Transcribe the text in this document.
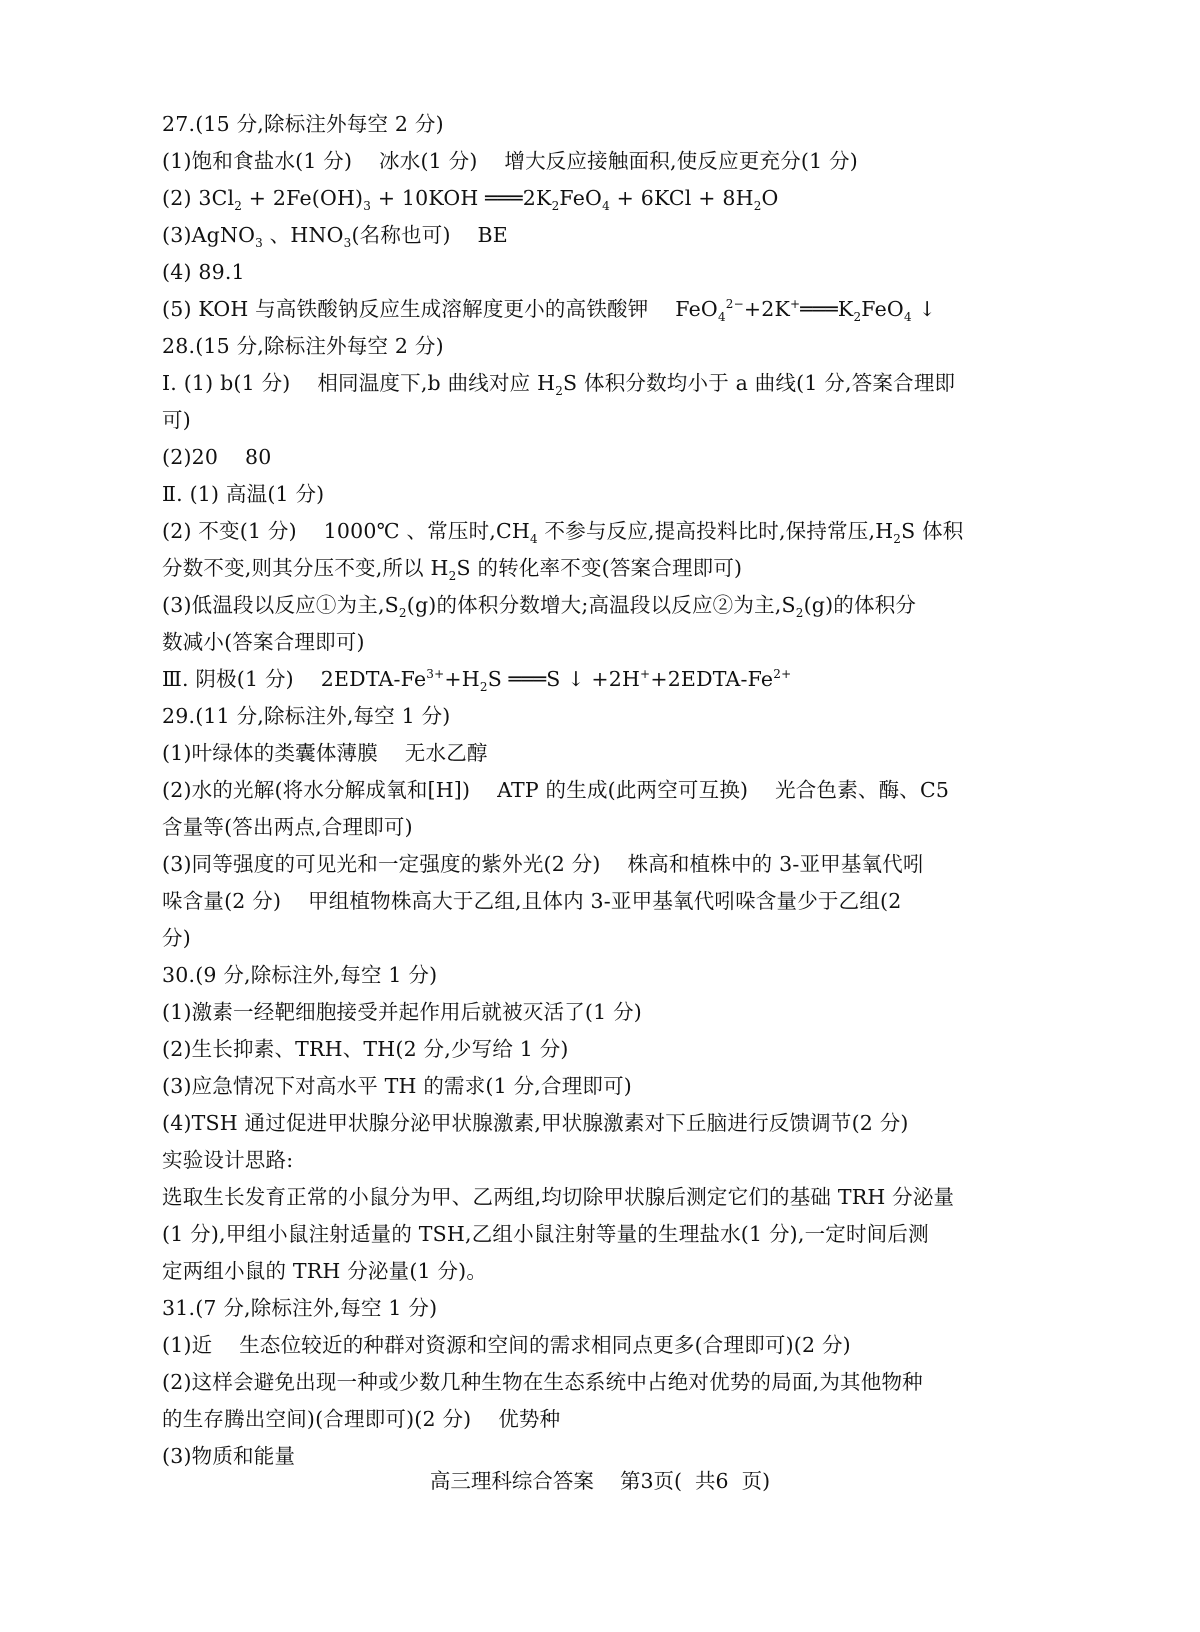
27.(15 分,除标注外每空 2 分)
(1)饱和食盐水(1 分)    冰水(1 分)    增大反应接触面积,使反应更充分(1 分)
(2) $3Cl_2 + 2Fe(OH)_3 + 10KOH$ $═══2K_2FeO_4 + 6KCl + 8H_2O$
(3)AgNO$_3$ 、$HNO_3$(名称也可)    BE
(4) 89.1
(5) KOH 与高铁酸钠反应生成溶解度更小的高铁酸钾    $FeO_4^{2-}+2K^+═══K_2FeO_4$ ↓
28.(15 分,除标注外每空 2 分)
I. (1) b(1 分)    相同温度下,b 曲线对应 $H_2S$ 体积分数均小于 a 曲线(1 分,答案合理即
可)
(2)20    80
Ⅱ. (1) 高温(1 分)
(2) 不变(1 分)    1000℃ 、常压时$,CH_4$ 不参与反应,提高投料比时,保持常压$,H_2S$ 体积
分数不变,则其分压不变,所以 $H_2S$ 的转化率不变(答案合理即可)
(3)低温段以反应①为主$,S_2(g)$的体积分数增大;高温段以反应②为主$,S_2(g)$的体积分
数减小(答案合理即可)
Ⅲ. 阴极(1 分)    $2EDTA-Fe^{3+}+H_2S$ ═══S ↓ $+2H^++2EDTA-Fe^{2+}$
29.(11 分,除标注外,每空 1 分)
(1)叶绿体的类囊体薄膜    无水乙醇
(2)水的光解(将水分解成氧和[H])    ATP 的生成(此两空可互换)    光合色素、酶、C5
含量等(答出两点,合理即可)
(3)同等强度的可见光和一定强度的紫外光(2 分)    株高和植株中的 3-亚甲基氧代吲
哚含量(2 分)    甲组植物株高大于乙组,且体内 3-亚甲基氧代吲哚含量少于乙组(2
分)
30.(9 分,除标注外,每空 1 分)
(1)激素一经靶细胞接受并起作用后就被灭活了(1 分)
(2)生长抑素、TRH、TH(2 分,少写给 1 分)
(3)应急情况下对高水平 TH 的需求(1 分,合理即可)
(4)TSH 通过促进甲状腺分泌甲状腺激素,甲状腺激素对下丘脑进行反馈调节(2 分)
实验设计思路:
选取生长发育正常的小鼠分为甲、乙两组,均切除甲状腺后测定它们的基础 TRH 分泌量
(1 分),甲组小鼠注射适量的 TSH,乙组小鼠注射等量的生理盐水(1 分),一定时间后测
定两组小鼠的 TRH 分泌量(1 分)。
31.(7 分,除标注外,每空 1 分)
(1)近    生态位较近的种群对资源和空间的需求相同点更多(合理即可)(2 分)
(2)这样会避免出现一种或少数几种生物在生态系统中占绝对优势的局面,为其他物种
的生存腾出空间)(合理即可)(2 分)    优势种
(3)物质和能量
高三理科综合答案    第3页(  共6  页)
